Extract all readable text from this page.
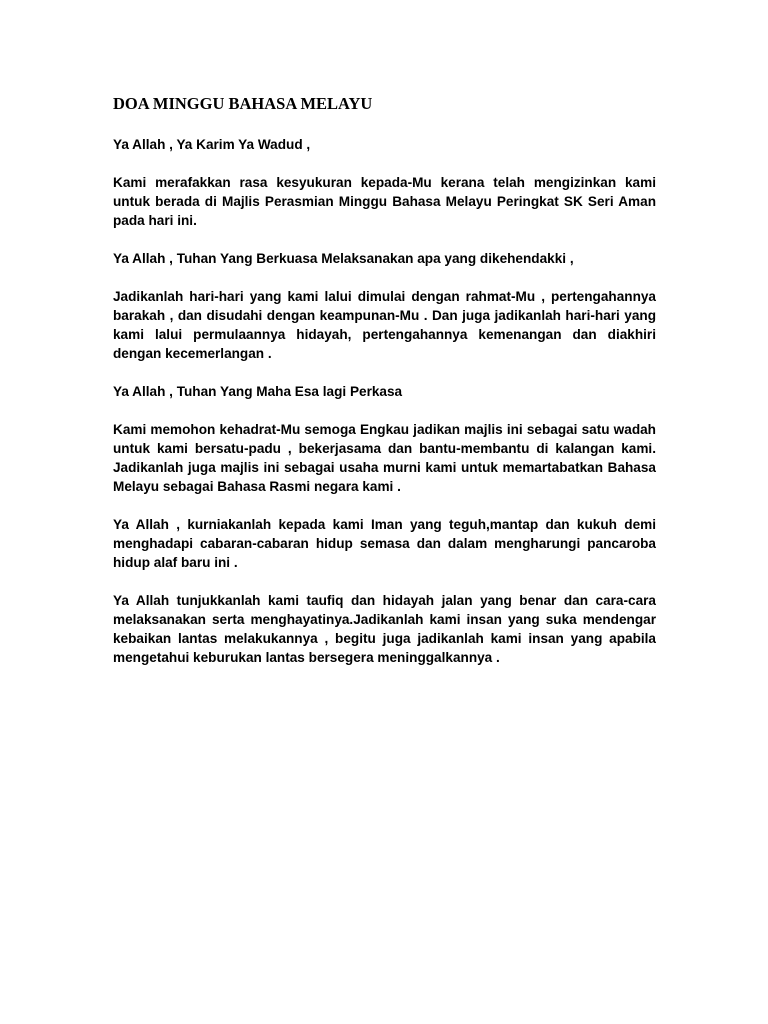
DOA MINGGU BAHASA MELAYU

Ya Allah , Ya Karim Ya Wadud ,

Kami merafakkan rasa kesyukuran kepada-Mu kerana telah mengizinkan kami untuk berada di Majlis Perasmian Minggu Bahasa Melayu Peringkat SK Seri Aman pada hari ini.

Ya Allah , Tuhan Yang Berkuasa Melaksanakan apa yang dikehendakki ,

Jadikanlah hari-hari yang kami lalui dimulai dengan rahmat-Mu , pertengahannya barakah , dan disudahi dengan keampunan-Mu . Dan juga jadikanlah hari-hari yang kami lalui permulaannya hidayah, pertengahannya kemenangan dan diakhiri dengan kecemerlangan .

Ya Allah , Tuhan Yang Maha Esa lagi Perkasa

Kami memohon kehadrat-Mu semoga Engkau jadikan majlis ini sebagai satu wadah untuk kami bersatu-padu , bekerjasama dan bantu-membantu di kalangan kami. Jadikanlah juga majlis ini sebagai usaha murni kami untuk memartabatkan Bahasa Melayu sebagai Bahasa Rasmi negara kami .

Ya Allah , kurniakanlah kepada kami Iman yang teguh,mantap dan kukuh demi menghadapi cabaran-cabaran hidup semasa dan dalam mengharungi pancaroba hidup alaf baru ini .

Ya Allah tunjukkanlah kami taufiq dan hidayah jalan yang benar dan cara-cara melaksanakan serta menghayatinya.Jadikanlah kami insan yang suka mendengar kebaikan lantas melakukannya , begitu juga jadikanlah kami insan yang apabila mengetahui keburukan lantas bersegera meninggalkannya .
